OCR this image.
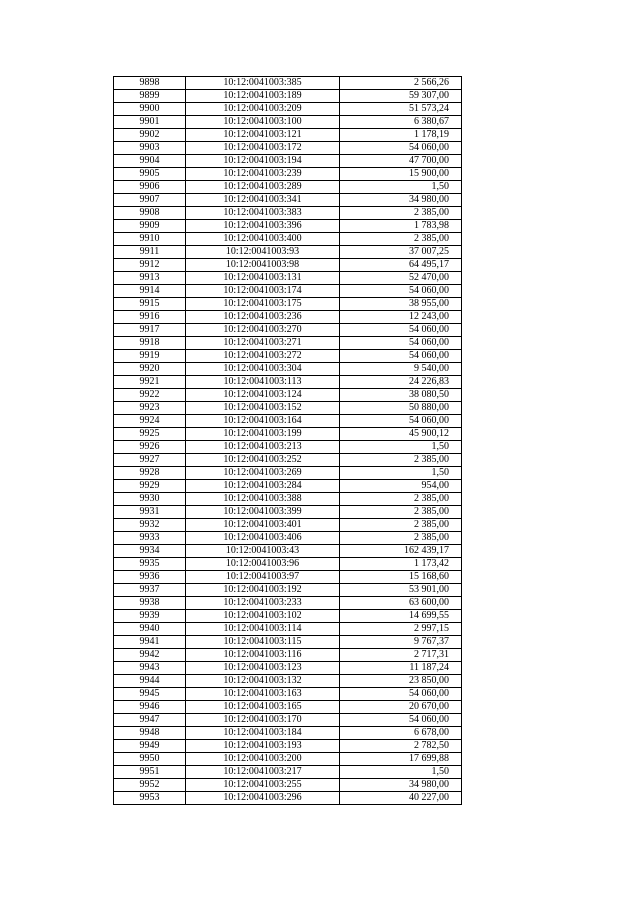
9898	10:12:0041003:385	2 566,26
9899	10:12:0041003:189	59 307,00
9900	10:12:0041003:209	51 573,24
9901	10:12:0041003:100	6 380,67
9902	10:12:0041003:121	1 178,19
9903	10:12:0041003:172	54 060,00
9904	10:12:0041003:194	47 700,00
9905	10:12:0041003:239	15 900,00
9906	10:12:0041003:289	1,50
9907	10:12:0041003:341	34 980,00
9908	10:12:0041003:383	2 385,00
9909	10:12:0041003:396	1 783,98
9910	10:12:0041003:400	2 385,00
9911	10:12:0041003:93	37 007,25
9912	10:12:0041003:98	64 495,17
9913	10:12:0041003:131	52 470,00
9914	10:12:0041003:174	54 060,00
9915	10:12:0041003:175	38 955,00
9916	10:12:0041003:236	12 243,00
9917	10:12:0041003:270	54 060,00
9918	10:12:0041003:271	54 060,00
9919	10:12:0041003:272	54 060,00
9920	10:12:0041003:304	9 540,00
9921	10:12:0041003:113	24 226,83
9922	10:12:0041003:124	38 080,50
9923	10:12:0041003:152	50 880,00
9924	10:12:0041003:164	54 060,00
9925	10:12:0041003:199	45 900,12
9926	10:12:0041003:213	1,50
9927	10:12:0041003:252	2 385,00
9928	10:12:0041003:269	1,50
9929	10:12:0041003:284	954,00
9930	10:12:0041003:388	2 385,00
9931	10:12:0041003:399	2 385,00
9932	10:12:0041003:401	2 385,00
9933	10:12:0041003:406	2 385,00
9934	10:12:0041003:43	162 439,17
9935	10:12:0041003:96	1 173,42
9936	10:12:0041003:97	15 168,60
9937	10:12:0041003:192	53 901,00
9938	10:12:0041003:233	63 600,00
9939	10:12:0041003:102	14 699,55
9940	10:12:0041003:114	2 997,15
9941	10:12:0041003:115	9 767,37
9942	10:12:0041003:116	2 717,31
9943	10:12:0041003:123	11 187,24
9944	10:12:0041003:132	23 850,00
9945	10:12:0041003:163	54 060,00
9946	10:12:0041003:165	20 670,00
9947	10:12:0041003:170	54 060,00
9948	10:12:0041003:184	6 678,00
9949	10:12:0041003:193	2 782,50
9950	10:12:0041003:200	17 699,88
9951	10:12:0041003:217	1,50
9952	10:12:0041003:255	34 980,00
9953	10:12:0041003:296	40 227,00
